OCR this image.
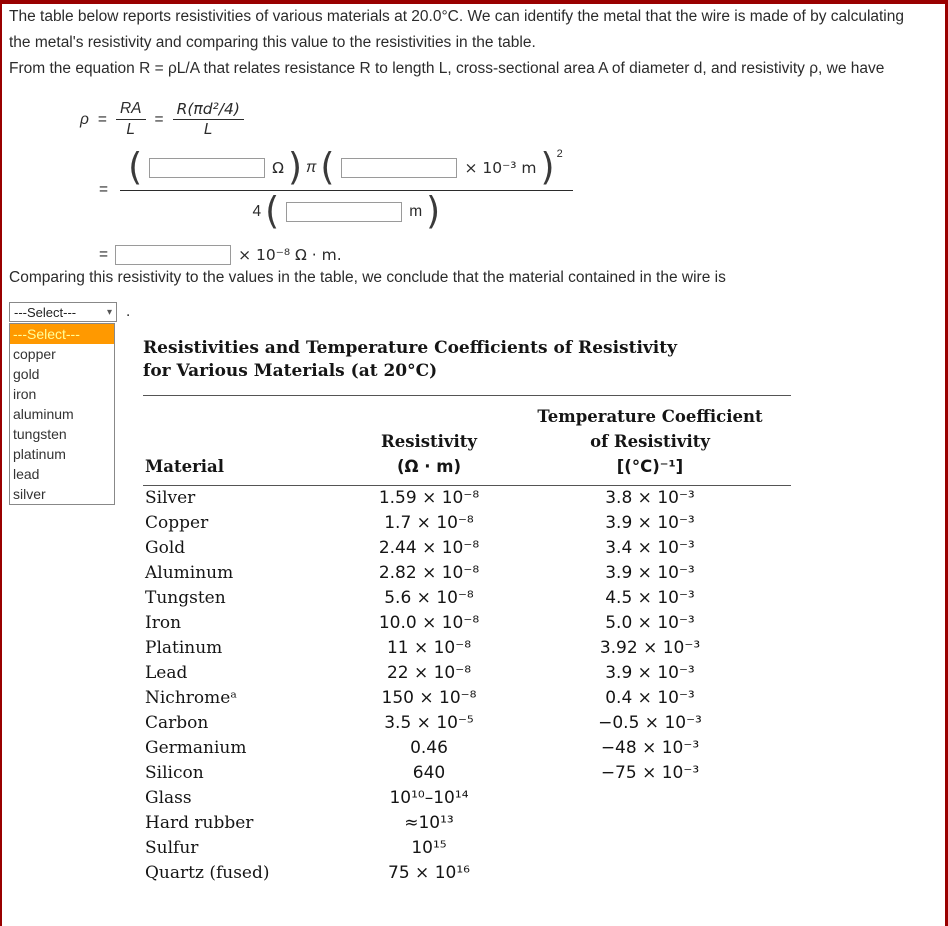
The table below reports resistivities of various materials at 20.0°C. We can identify the metal that the wire is made of by calculating the metal's resistivity and comparing this value to the resistivities in the table.

From the equation R = ρL/A that relates resistance R to length L, cross-sectional area A of diameter d, and resistivity ρ, we have

$\rho = \frac{RA}{L} = \frac{\text{R(πd²/4)}}{L}$
=
(	Ω ) π (	× 10⁻³ m ) 2
4 (	m )
=	× 10⁻⁸ Ω · m.

Comparing this resistivity to the values in the table, we conclude that the material contained in the wire is

---Select---	▾ .
---Select---
copper
gold
iron
aluminum
tungsten
platinum
lead
silver
Resistivities and Temperature Coefficients of Resistivity
for Various Materials (at 20°C)
Material

Resistivity
(Ω · m)

Temperature Coefficient
of Resistivity
[(°C)⁻¹]

Silver	1.59 × 10⁻⁸	3.8 × 10⁻³
Copper	1.7 × 10⁻⁸	3.9 × 10⁻³
Gold	2.44 × 10⁻⁸	3.4 × 10⁻³
Aluminum	2.82 × 10⁻⁸	3.9 × 10⁻³
Tungsten	5.6 × 10⁻⁸	4.5 × 10⁻³
Iron	10.0 × 10⁻⁸	5.0 × 10⁻³
Platinum	11 × 10⁻⁸	3.92 × 10⁻³
Lead	22 × 10⁻⁸	3.9 × 10⁻³
Nichromeᵃ	150 × 10⁻⁸	0.4 × 10⁻³
Carbon	3.5 × 10⁻⁵	−0.5 × 10⁻³
Germanium	0.46	−48 × 10⁻³
Silicon	640	−75 × 10⁻³
Glass	10¹⁰–10¹⁴	
Hard rubber	≈10¹³	
Sulfur	10¹⁵	
Quartz (fused)	75 × 10¹⁶	
